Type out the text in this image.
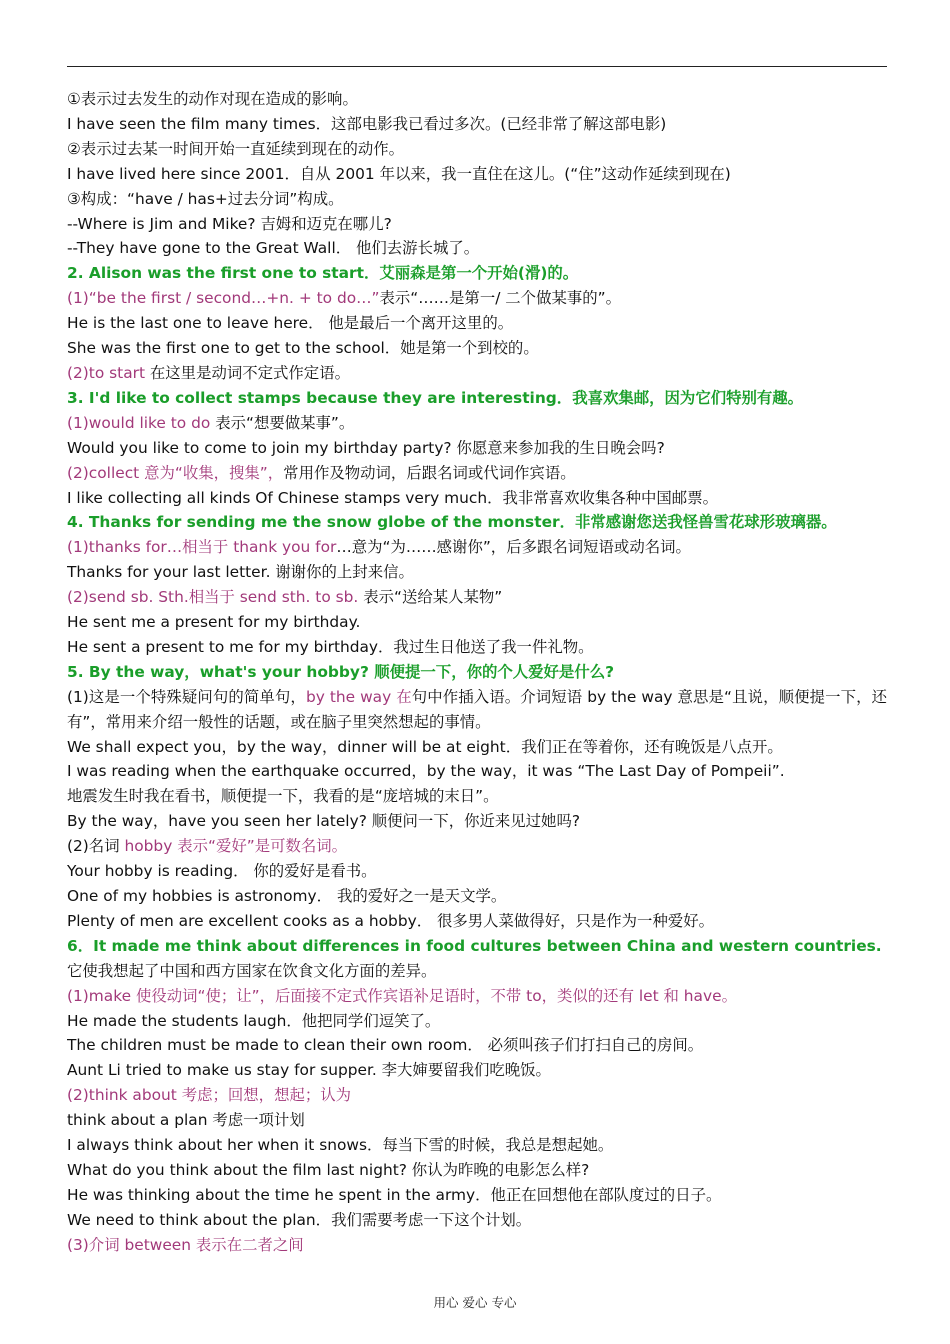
①表示过去发生的动作对现在造成的影响。
I have seen the film many times．这部电影我已看过多次。(已经非常了解这部电影)
②表示过去某一时间开始一直延续到现在的动作。
I have lived here since 2001．自从 2001 年以来，我一直住在这儿。(“住”这动作延续到现在)
③构成：“have / has+过去分词”构成。
--Where is Jim and Mike? 吉姆和迈克在哪儿?
--They have gone to the Great Wall． 他们去游长城了。
2. Alison was the first one to start．艾丽森是第一个开始(滑)的。
(1)“be the first / second…+n. + to do…”表示“……是第一/ 二个做某事的”。
He is the last one to leave here． 他是最后一个离开这里的。
She was the first one to get to the school．她是第一个到校的。
(2)to start 在这里是动词不定式作定语。
3. I'd like to collect stamps because they are interesting．我喜欢集邮，因为它们特别有趣。
(1)would like to do 表示“想要做某事”。
Would you like to come to join my birthday party? 你愿意来参加我的生日晚会吗?
(2)collect 意为“收集，搜集”，常用作及物动词，后跟名词或代词作宾语。
I like collecting all kinds Of Chinese stamps very much．我非常喜欢收集各种中国邮票。
4. Thanks for sending me the snow globe of the monster．非常感谢您送我怪兽雪花球形玻璃器。
(1)thanks for…相当于 thank you for…意为“为……感谢你”，后多跟名词短语或动名词。
Thanks for your last letter. 谢谢你的上封来信。
(2)send sb. Sth.相当于 send sth. to sb. 表示“送给某人某物”
He sent me a present for my birthday.
He sent a present to me for my birthday．我过生日他送了我一件礼物。
5. By the way，what's your hobby? 顺便提一下，你的个人爱好是什么?
(1)这是一个特殊疑问句的简单句，by the way 在句中作插入语。介词短语 by the way 意思是“且说，顺便提一下，还有”，常用来介绍一般性的话题，或在脑子里突然想起的事情。
We shall expect you，by the way，dinner will be at eight．我们正在等着你，还有晚饭是八点开。
I was reading when the earthquake occurred，by the way，it was “The Last Day of Pompeii”.
地震发生时我在看书，顺便提一下，我看的是“庞培城的末日”。
By the way，have you seen her lately? 顺便问一下，你近来见过她吗?
(2)名词 hobby 表示“爱好”是可数名词。
Your hobby is reading． 你的爱好是看书。
One of my hobbies is astronomy． 我的爱好之一是天文学。
Plenty of men are excellent cooks as a hobby． 很多男人菜做得好，只是作为一种爱好。
6．It made me think about differences in food cultures between China and western countries.
它使我想起了中国和西方国家在饮食文化方面的差异。
(1)make 使役动词“使；让”，后面接不定式作宾语补足语时，不带 to，类似的还有 let 和 have。
He made the students laugh．他把同学们逗笑了。
The children must be made to clean their own room． 必须叫孩子们打扫自己的房间。
Aunt Li tried to make us stay for supper. 李大婶要留我们吃晚饭。
(2)think about 考虑；回想，想起；认为
think about a plan 考虑一项计划
I always think about her when it snows．每当下雪的时候，我总是想起她。
What do you think about the film last night? 你认为昨晚的电影怎么样?
He was thinking about the time he spent in the army．他正在回想他在部队度过的日子。
We need to think about the plan．我们需要考虑一下这个计划。
(3)介词 between 表示在二者之间
用心 爱心 专心
